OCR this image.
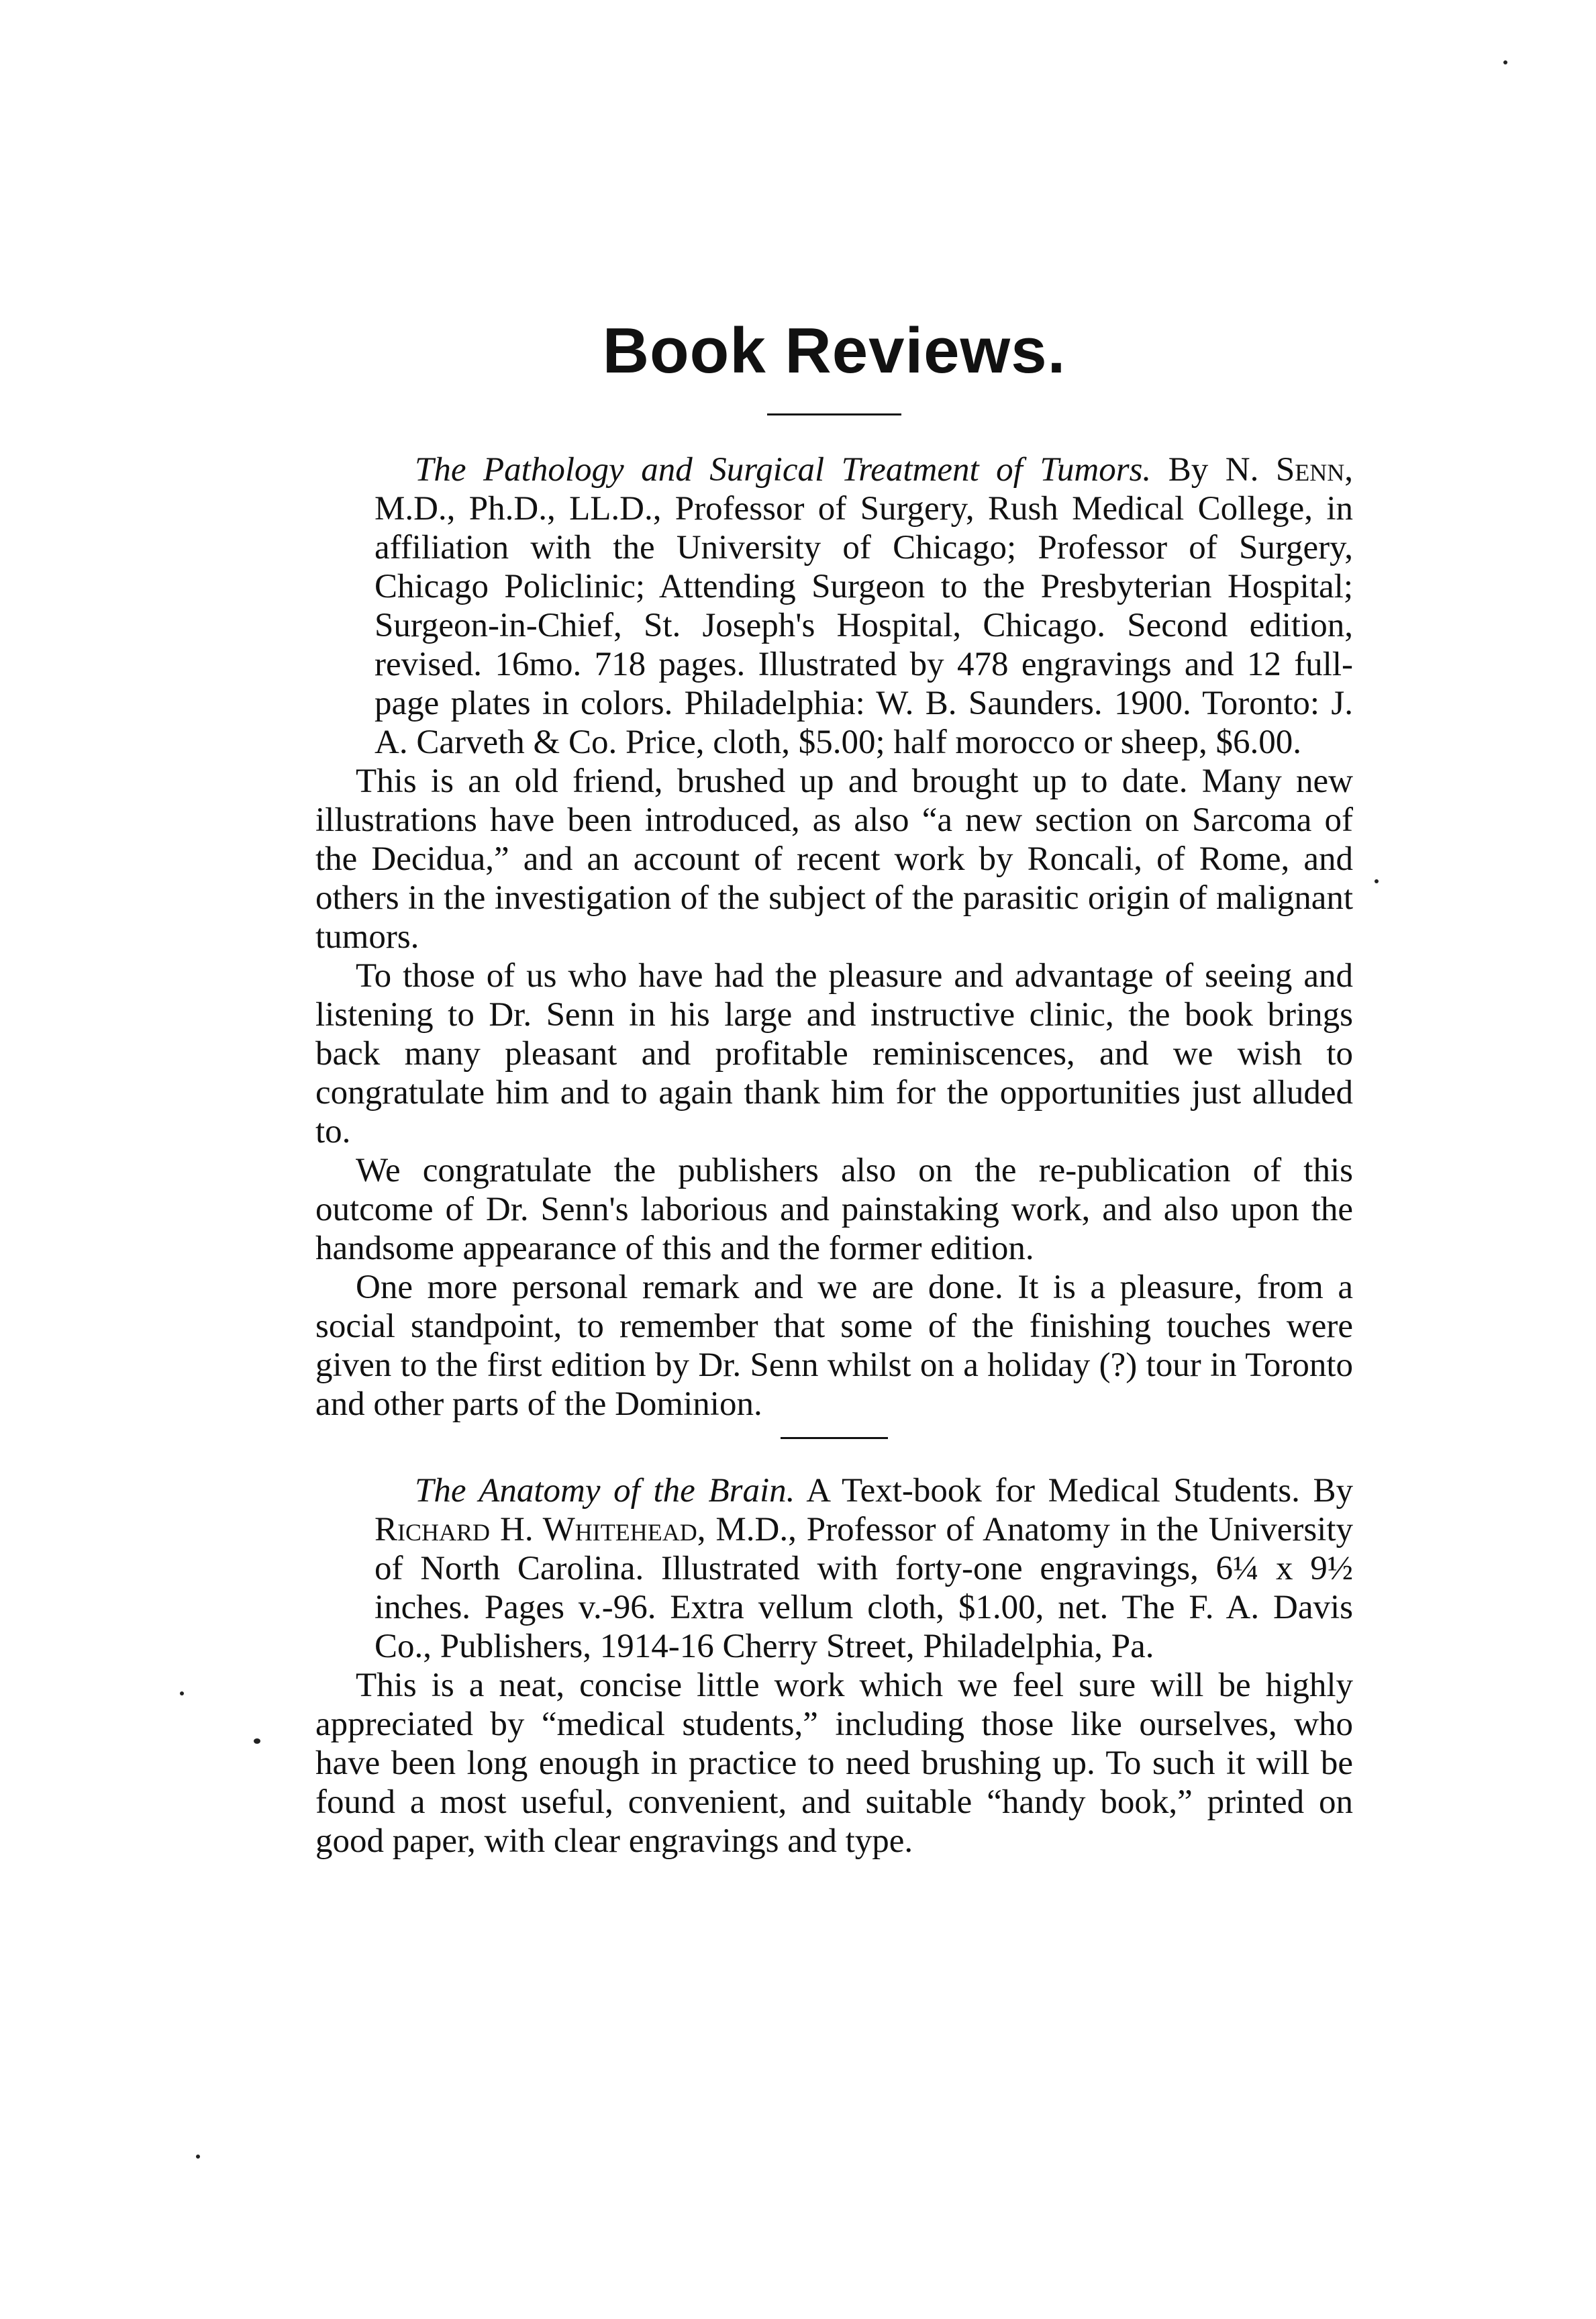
Book Reviews.

The Pathology and Surgical Treatment of Tumors. By N. Senn, M.D., Ph.D., LL.D., Professor of Surgery, Rush Medical College, in affiliation with the University of Chicago; Professor of Surgery, Chicago Policlinic; Attending Surgeon to the Presbyterian Hospital; Surgeon-in-Chief, St. Joseph's Hospital, Chicago. Second edition, revised. 16mo. 718 pages. Illustrated by 478 engravings and 12 full-page plates in colors. Philadelphia: W. B. Saunders. 1900. Toronto: J. A. Carveth & Co. Price, cloth, $5.00; half morocco or sheep, $6.00.

This is an old friend, brushed up and brought up to date. Many new illustrations have been introduced, as also “a new section on Sarcoma of the Decidua,” and an account of recent work by Roncali, of Rome, and others in the investigation of the subject of the parasitic origin of malignant tumors.

To those of us who have had the pleasure and advantage of seeing and listening to Dr. Senn in his large and instructive clinic, the book brings back many pleasant and profitable reminiscences, and we wish to congratulate him and to again thank him for the opportunities just alluded to.

We congratulate the publishers also on the re-publication of this outcome of Dr. Senn's laborious and painstaking work, and also upon the handsome appearance of this and the former edition.

One more personal remark and we are done. It is a pleasure, from a social standpoint, to remember that some of the finishing touches were given to the first edition by Dr. Senn whilst on a holiday (?) tour in Toronto and other parts of the Dominion.

The Anatomy of the Brain. A Text-book for Medical Students. By Richard H. Whitehead, M.D., Professor of Anatomy in the University of North Carolina. Illustrated with forty-one engravings, 6¼ x 9½ inches. Pages v.-96. Extra vellum cloth, $1.00, net. The F. A. Davis Co., Publishers, 1914-16 Cherry Street, Philadelphia, Pa.

This is a neat, concise little work which we feel sure will be highly appreciated by “medical students,” including those like ourselves, who have been long enough in practice to need brushing up. To such it will be found a most useful, convenient, and suitable “handy book,” printed on good paper, with clear engravings and type.
